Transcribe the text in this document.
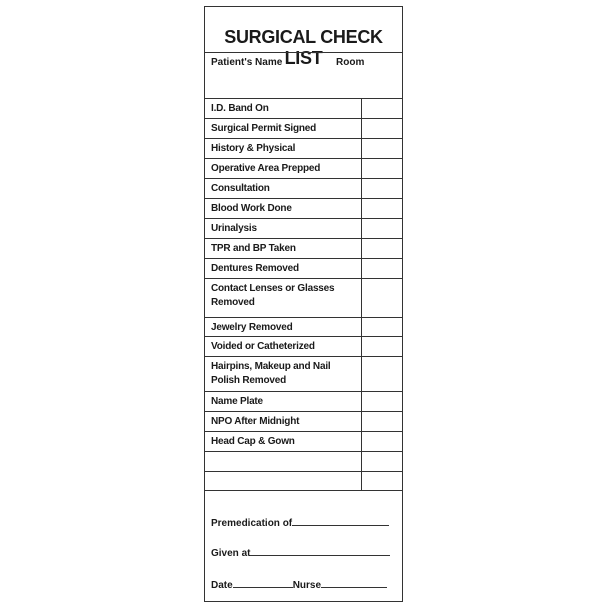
SURGICAL CHECK LIST
Patient's Name	Room
I.D. Band On
Surgical Permit Signed
History & Physical
Operative Area Prepped
Consultation
Blood Work Done
Urinalysis
TPR and BP Taken
Dentures Removed
Contact Lenses or Glasses Removed
Jewelry Removed
Voided or Catheterized
Hairpins, Makeup and Nail Polish Removed
Name Plate
NPO After Midnight
Head Cap & Gown
Premedication of
Given at
Date	Nurse
